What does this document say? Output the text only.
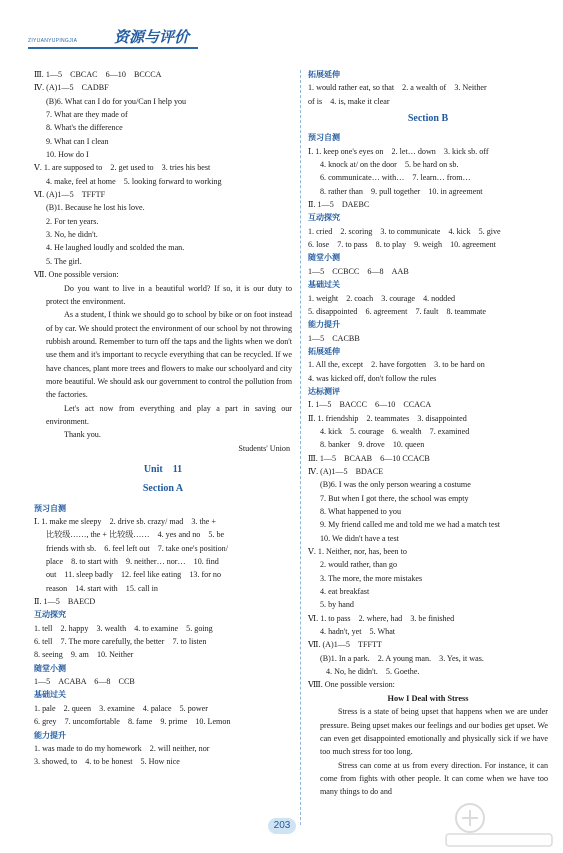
ZIYUANYUPINGJIA 资源与评价
Ⅲ. 1—5　CBCAC　6—10　BCCCA
Ⅳ. (A)1—5　CADBF
(B)6. What can I do for you/Can I help you
7. What are they made of
8. What's the difference
9. What can I clean
10. How do I
Ⅴ. 1. are supposed to　2. get used to　3. tries his best
4. make, feel at home　5. looking forward to working
Ⅵ. (A)1—5　TFFTF
(B)1. Because he lost his love.
2. For ten years.
3. No, he didn't.
4. He laughed loudly and scolded the man.
5. The girl.
Ⅶ. One possible version:
Do you want to live in a beautiful world? If so, it is our duty to protect the environment.
As a student, I think we should go to school by bike or on foot instead of by car. We should protect the environment of our school by not throwing rubbish around. Remember to turn off the taps and the lights when we don't use them and it's important to recycle everything that can be recycled. If we have chances, plant more trees and flowers to make our schoolyard and city more beautiful. We should ask our government to control the pollution from the factories.
Let's act now from everything and play a part in saving our environment.
Thank you.
Students' Union
Unit　11
Section A
预习自测
Ⅰ. 1. make me sleepy　2. drive sb. crazy/ mad　3. the +
比较级……, the + 比较级……　4. yes and no　5. be
friends with sb.　6. feel left out　7. take one's position/
place　8. to start with　9. neither… nor…　10. find
out　11. sleep badly　12. feel like eating　13. for no
reason　14. start with　15. call in
Ⅱ. 1—5　BAECD
互动探究
1. tell　2. happy　3. wealth　4. to examine　5. going
6. tell　7. The more carefully, the better　7. to listen
8. seeing　9. am　10. Neither
随堂小测
1—5　ACABA　6—8　CCB
基础过关
1. pale　2. queen　3. examine　4. palace　5. power
6. grey　7. uncomfortable　8. fame　9. prime　10. Lemon
能力提升
1. was made to do my homework　2. will neither, nor
3. showed, to　4. to be honest　5. How nice
拓展延伸
1. would rather eat, so that　2. a wealth of　3. Neither
of is　4. is, make it clear
Section B
预习自测
Ⅰ. 1. keep one's eyes on　2. let… down　3. kick sb. off
4. knock at/ on the door　5. be hard on sb.
6. communicate… with…　7. learn… from…
8. rather than　9. pull together　10. in agreement
Ⅱ. 1—5　DAEBC
互动探究
1. cried　2. scoring　3. to communicate　4. kick　5. give
6. lose　7. to pass　8. to play　9. weigh　10. agreement
随堂小测
1—5　CCBCC　6—8　AAB
基础过关
1. weight　2. coach　3. courage　4. nodded
5. disappointed　6. agreement　7. fault　8. teammate
能力提升
1—5　CACBB
拓展延伸
1. All the, except　2. have forgotten　3. to be hard on
4. was kicked off, don't follow the rules
达标测评
Ⅰ. 1—5　BACCC　6—10　CCACA
Ⅱ. 1. friendship　2. teammates　3. disappointed
4. kick　5. courage　6. wealth　7. examined
8. banker　9. drove　10. queen
Ⅲ. 1—5　BCAAB　6—10 CCACB
Ⅳ. (A)1—5　BDACE
(B)6. I was the only person wearing a costume
7. But when I got there, the school was empty
8. What happened to you
9. My friend called me and told me we had a match test
10. We didn't have a test
Ⅴ. 1. Neither, nor, has, been to
2. would rather, than go
3. The more, the more mistakes
4. eat breakfast
5. by hand
Ⅵ. 1. to pass　2. where, had　3. be finished
4. hadn't, yet　5. What
Ⅶ. (A)1—5　TFFTT
(B)1. In a park.　2. A young man.　3. Yes, it was.
4. No, he didn't.　5. Goethe.
Ⅷ. One possible version:
How I Deal with Stress
Stress is a state of being upset that happens when we are under pressure. Being upset makes our feelings and our bodies get upset. We can even get disappointed emotionally and physically sick if we have too much stress for too long.
Stress can come at us from every direction. For instance, it can come from fights with other people. It can come when we have too many things to do and
203
